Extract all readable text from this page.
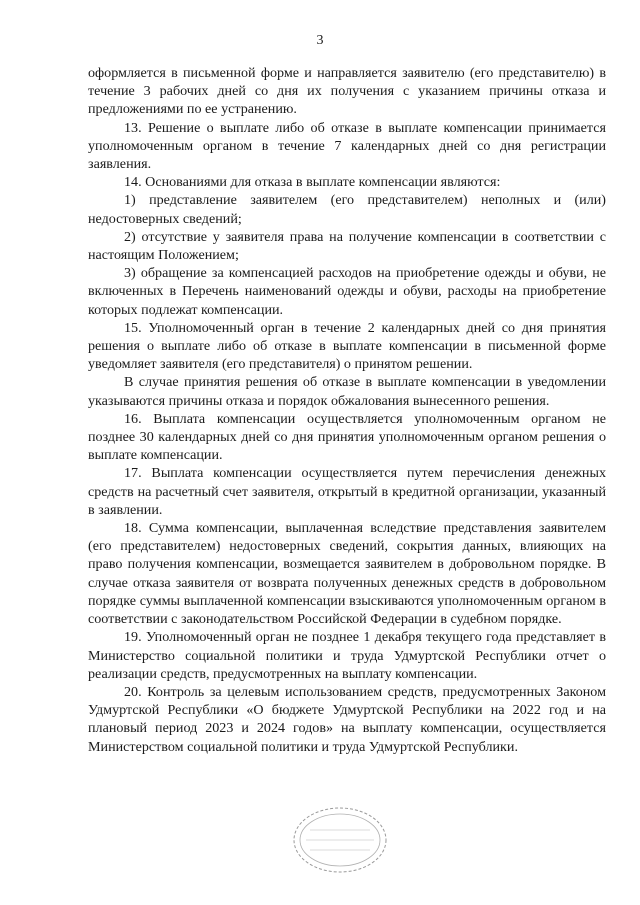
3

оформляется в письменной форме и направляется заявителю (его представителю) в течение 3 рабочих дней со дня их получения с указанием причины отказа и предложениями по ее устранению.

13. Решение о выплате либо об отказе в выплате компенсации принимается уполномоченным органом в течение 7 календарных дней со дня регистрации заявления.

14. Основаниями для отказа в выплате компенсации являются:

1) представление заявителем (его представителем) неполных и (или) недостоверных сведений;

2) отсутствие у заявителя права на получение компенсации в соответствии с настоящим Положением;

3) обращение за компенсацией расходов на приобретение одежды и обуви, не включенных в Перечень наименований одежды и обуви, расходы на приобретение которых подлежат компенсации.

15. Уполномоченный орган в течение 2 календарных дней со дня принятия решения о выплате либо об отказе в выплате компенсации в письменной форме уведомляет заявителя (его представителя) о принятом решении.

В случае принятия решения об отказе в выплате компенсации в уведомлении указываются причины отказа и порядок обжалования вынесенного решения.

16. Выплата компенсации осуществляется уполномоченным органом не позднее 30 календарных дней со дня принятия уполномоченным органом решения о выплате компенсации.

17. Выплата компенсации осуществляется путем перечисления денежных средств на расчетный счет заявителя, открытый в кредитной организации, указанный в заявлении.

18. Сумма компенсации, выплаченная вследствие представления заявителем (его представителем) недостоверных сведений, сокрытия данных, влияющих на право получения компенсации, возмещается заявителем в добровольном порядке. В случае отказа заявителя от возврата полученных денежных средств в добровольном порядке суммы выплаченной компенсации взыскиваются уполномоченным органом в соответствии с законодательством Российской Федерации в судебном порядке.

19. Уполномоченный орган не позднее 1 декабря текущего года представляет в Министерство социальной политики и труда Удмуртской Республики отчет о реализации средств, предусмотренных на выплату компенсации.

20. Контроль за целевым использованием средств, предусмотренных Законом Удмуртской Республики «О бюджете Удмуртской Республики на 2022 год и на плановый период 2023 и 2024 годов» на выплату компенсации, осуществляется Министерством социальной политики и труда Удмуртской Республики.
